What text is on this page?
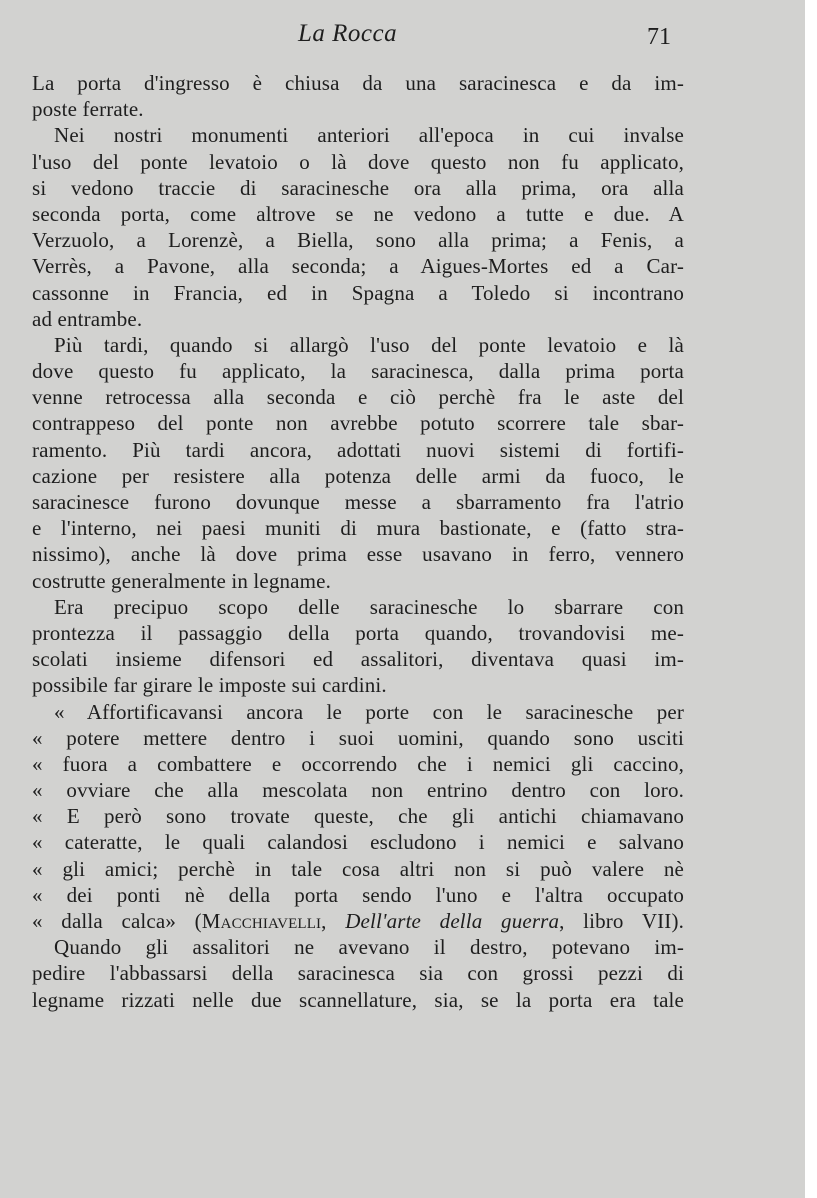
La Rocca	71
La porta d'ingresso è chiusa da una saracinesca e da im-
poste ferrate.
Nei nostri monumenti anteriori all'epoca in cui invalse
l'uso del ponte levatoio o là dove questo non fu applicato,
si vedono traccie di saracinesche ora alla prima, ora alla
seconda porta, come altrove se ne vedono a tutte e due. A
Verzuolo, a Lorenzè, a Biella, sono alla prima; a Fenis, a
Verrès, a Pavone, alla seconda; a Aigues-Mortes ed a Car-
cassonne in Francia, ed in Spagna a Toledo si incontrano
ad entrambe.
Più tardi, quando si allargò l'uso del ponte levatoio e là
dove questo fu applicato, la saracinesca, dalla prima porta
venne retrocessa alla seconda e ciò perchè fra le aste del
contrappeso del ponte non avrebbe potuto scorrere tale sbar-
ramento. Più tardi ancora, adottati nuovi sistemi di fortifi-
cazione per resistere alla potenza delle armi da fuoco, le
saracinesce furono dovunque messe a sbarramento fra l'atrio
e l'interno, nei paesi muniti di mura bastionate, e (fatto stra-
nissimo), anche là dove prima esse usavano in ferro, vennero
costrutte generalmente in legname.
Era precipuo scopo delle saracinesche lo sbarrare con
prontezza il passaggio della porta quando, trovandovisi me-
scolati insieme difensori ed assalitori, diventava quasi im-
possibile far girare le imposte sui cardini.
« Affortificavansi ancora le porte con le saracinesche per
« potere mettere dentro i suoi uomini, quando sono usciti
« fuora a combattere e occorrendo che i nemici gli caccino,
« ovviare che alla mescolata non entrino dentro con loro.
« E però sono trovate queste, che gli antichi chiamavano
« cateratte, le quali calandosi escludono i nemici e salvano
« gli amici; perchè in tale cosa altri non si può valere nè
« dei ponti nè della porta sendo l'uno e l'altra occupato
« dalla calca» (Macchiavelli, Dell'arte della guerra, libro VII).
Quando gli assalitori ne avevano il destro, potevano im-
pedire l'abbassarsi della saracinesca sia con grossi pezzi di
legname rizzati nelle due scannellature, sia, se la porta era tale
